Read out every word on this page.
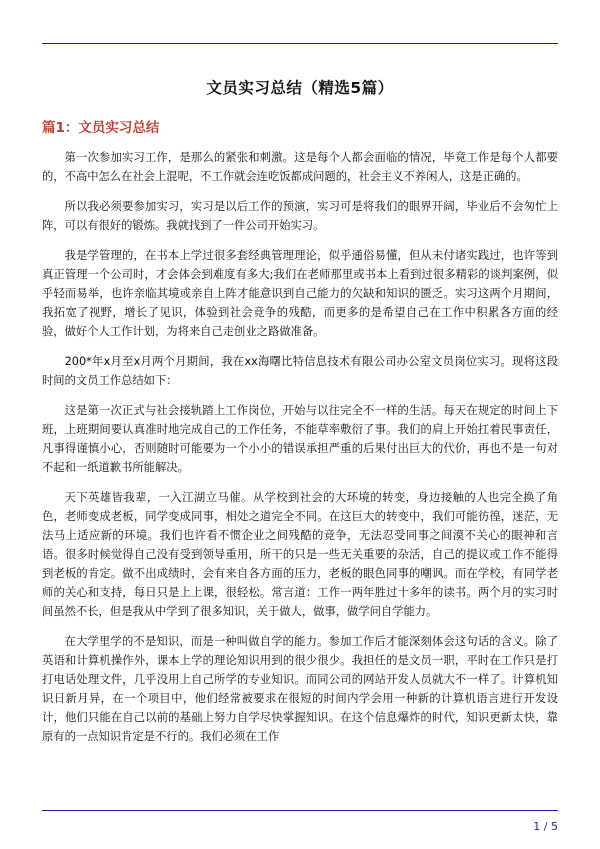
文员实习总结（精选5篇）
篇1：文员实习总结

第一次参加实习工作，是那么的紧张和刺激。这是每个人都会面临的情况，毕竟工作是每个人都要的，不高中怎么在社会上混呢，不工作就会连吃饭都成问题的，社会主义不养闲人，这是正确的。

所以我必须要参加实习，实习是以后工作的预演，实习可是将我们的眼界开阔，毕业后不会匆忙上阵，可以有很好的锻炼。我就找到了一件公司开始实习。

我是学管理的，在书本上学过很多套经典管理理论，似乎通俗易懂，但从未付诸实践过，也许等到真正管理一个公司时，才会体会到难度有多大;我们在老师那里或书本上看到过很多精彩的谈判案例，似乎轻而易举，也许亲临其境或亲自上阵才能意识到自己能力的欠缺和知识的匮乏。实习这两个月期间，我拓宽了视野，增长了见识，体验到社会竞争的残酷，而更多的是希望自己在工作中积累各方面的经验，做好个人工作计划，为将来自己走创业之路做准备。

200*年x月至x月两个月期间，我在xx海曙比特信息技术有限公司办公室文员岗位实习。现将这段时间的文员工作总结如下：

这是第一次正式与社会接轨踏上工作岗位，开始与以往完全不一样的生活。每天在规定的时间上下班，上班期间要认真准时地完成自己的工作任务，不能草率敷衍了事。我们的肩上开始扛着民事责任，凡事得谨慎小心，否则随时可能要为一个小小的错误承担严重的后果付出巨大的代价，再也不是一句对不起和一纸道歉书所能解决。

天下英雄皆我辈，一入江湖立马催。从学校到社会的大环境的转变，身边接触的人也完全换了角色，老师变成老板，同学变成同事，相处之道完全不同。在这巨大的转变中，我们可能彷徨，迷茫，无法马上适应新的环境。我们也许看不惯企业之间残酷的竞争，无法忍受同事之间漠不关心的眼神和言语。很多时候觉得自己没有受到领导重用，所干的只是一些无关重要的杂活，自己的提议或工作不能得到老板的肯定。做不出成绩时，会有来自各方面的压力，老板的眼色同事的嘲讽。而在学校，有同学老师的关心和支持，每日只是上上课，很轻松。常言道：工作一两年胜过十多年的读书。两个月的实习时间虽然不长，但是我从中学到了很多知识，关于做人，做事，做学问自学能力。

在大学里学的不是知识，而是一种叫做自学的能力。参加工作后才能深刻体会这句话的含义。除了英语和计算机操作外，课本上学的理论知识用到的很少很少。我担任的是文员一职，平时在工作只是打打电话处理文件，几乎没用上自己所学的专业知识。而同公司的网站开发人员就大不一样了。计算机知识日新月异，在一个项目中，他们经常被要求在很短的时间内学会用一种新的计算机语言进行开发设计，他们只能在自己以前的基础上努力自学尽快掌握知识。在这个信息爆炸的时代，知识更新太快，靠原有的一点知识肯定是不行的。我们必须在工作

1 / 5
